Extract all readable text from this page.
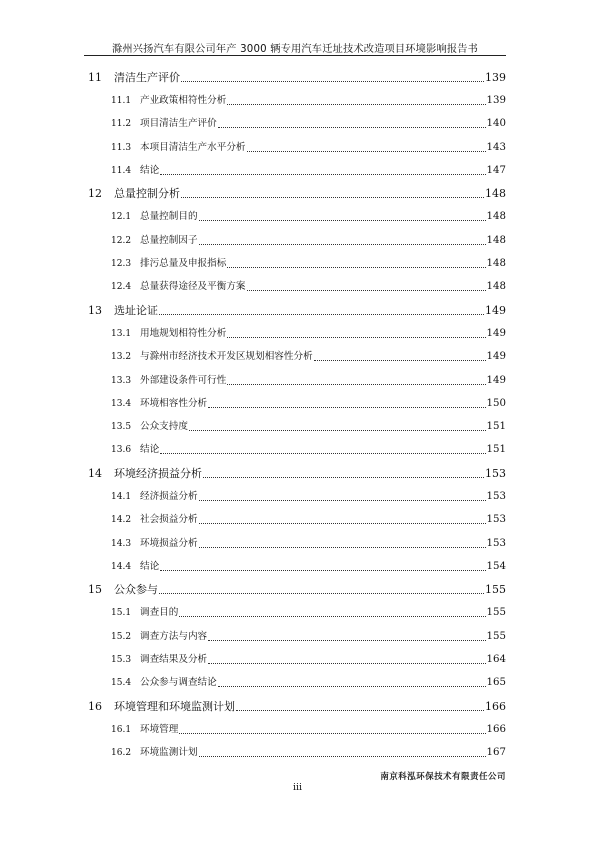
滁州兴扬汽车有限公司年产 3000 辆专用汽车迁址技术改造项目环境影响报告书
11	清洁生产评价	139
11.1 产业政策相符性分析	139
11.2 项目清洁生产评价	140
11.3 本项目清洁生产水平分析	143
11.4 结论	147
12	总量控制分析	148
12.1 总量控制目的	148
12.2 总量控制因子	148
12.3 排污总量及申报指标	148
12.4 总量获得途径及平衡方案	148
13	选址论证	149
13.1 用地规划相符性分析	149
13.2 与滁州市经济技术开发区规划相容性分析	149
13.3 外部建设条件可行性	149
13.4 环境相容性分析	150
13.5 公众支持度	151
13.6 结论	151
14	环境经济损益分析	153
14.1 经济损益分析	153
14.2 社会损益分析	153
14.3 环境损益分析	153
14.4 结论	154
15	公众参与	155
15.1 调查目的	155
15.2 调查方法与内容	155
15.3 调查结果及分析	164
15.4 公众参与调查结论	165
16	环境管理和环境监测计划	166
16.1 环境管理	166
16.2 环境监测计划	167
南京科泓环保技术有限责任公司
iii
